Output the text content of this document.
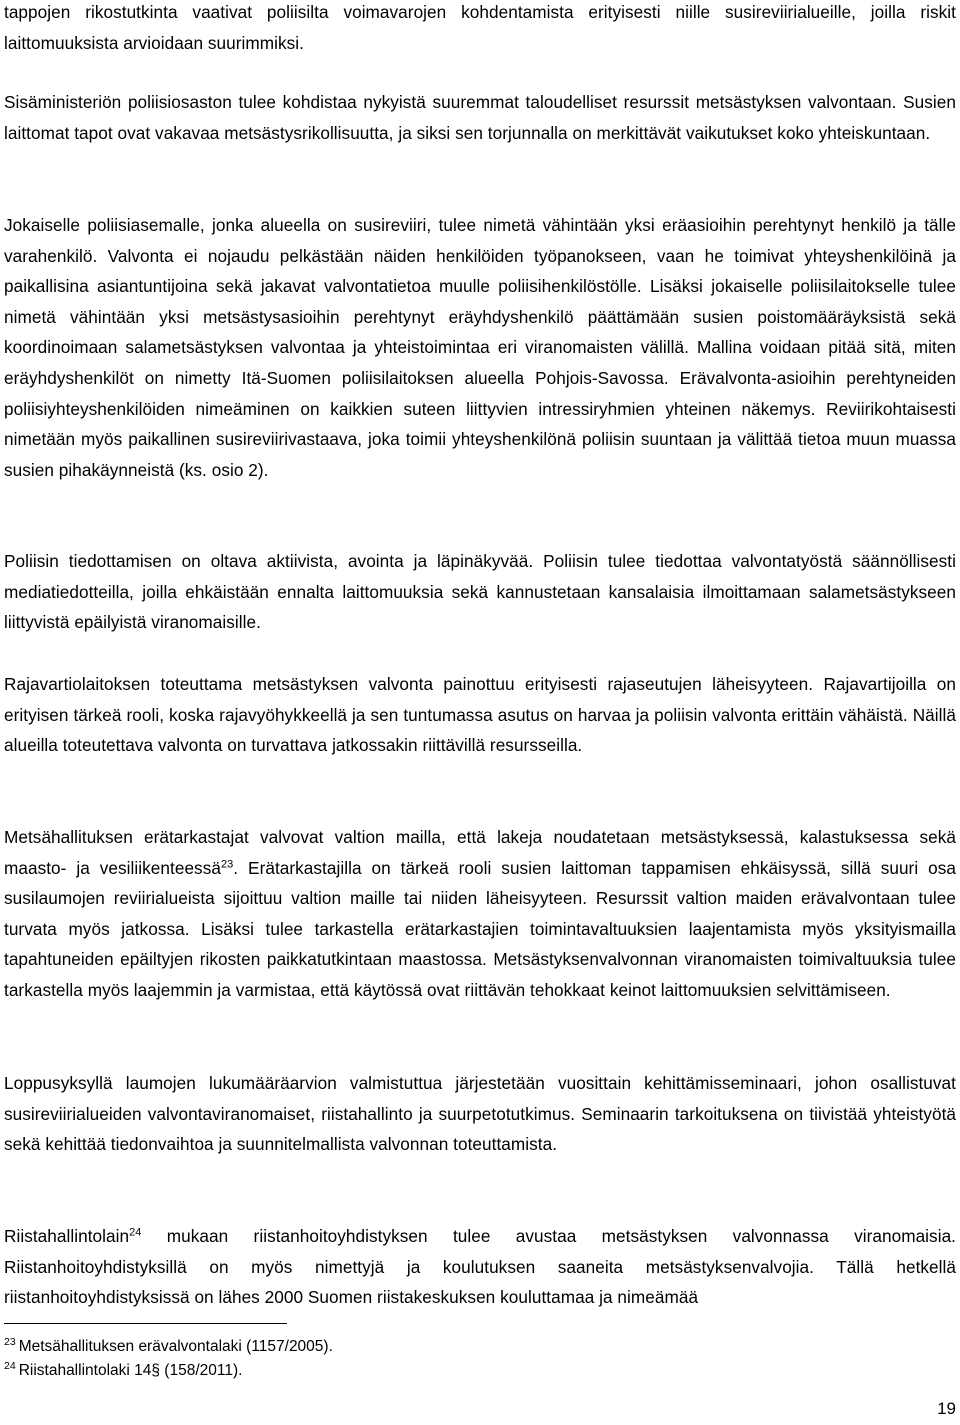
tappojen rikostutkinta vaativat poliisilta voimavarojen kohdentamista erityisesti niille susireviirialueille, joilla riskit laittomuuksista arvioidaan suurimmiksi.

Sisäministeriön poliisiosaston tulee kohdistaa nykyistä suuremmat taloudelliset resurssit metsästyksen valvontaan. Susien laittomat tapot ovat vakavaa metsästysrikollisuutta, ja siksi sen torjunnalla on merkittävät vaikutukset koko yhteiskuntaan.

Jokaiselle poliisiasemalle, jonka alueella on susireviiri, tulee nimetä vähintään yksi eräasioihin perehtynyt henkilö ja tälle varahenkilö. Valvonta ei nojaudu pelkästään näiden henkilöiden työpanokseen, vaan he toimivat yhteyshenkilöinä ja paikallisina asiantuntijoina sekä jakavat valvontatietoa muulle poliisihenkilöstölle. Lisäksi jokaiselle poliisilaitokselle tulee nimetä vähintään yksi metsästysasioihin perehtynyt eräyhdyshenkilö päättämään susien poistomääräyksistä sekä koordinoimaan salametsästyksen valvontaa ja yhteistoimintaa eri viranomaisten välillä. Mallina voidaan pitää sitä, miten eräyhdyshenkilöt on nimetty Itä-Suomen poliisilaitoksen alueella Pohjois-Savossa. Erävalvonta-asioihin perehtyneiden poliisiyhteyshenkilöiden nimeäminen on kaikkien suteen liittyvien intressiryhmien yhteinen näkemys. Reviirikohtaisesti nimetään myös paikallinen susireviirivastaava, joka toimii yhteyshenkilönä poliisin suuntaan ja välittää tietoa muun muassa susien pihakäynneistä (ks. osio 2).

Poliisin tiedottamisen on oltava aktiivista, avointa ja läpinäkyvää. Poliisin tulee tiedottaa valvontatyöstä säännöllisesti mediatiedotteilla, joilla ehkäistään ennalta laittomuuksia sekä kannustetaan kansalaisia ilmoittamaan salametsästykseen liittyvistä epäilyistä viranomaisille.

Rajavartiolaitoksen toteuttama metsästyksen valvonta painottuu erityisesti rajaseutujen läheisyyteen. Rajavartijoilla on erityisen tärkeä rooli, koska rajavyöhykkeellä ja sen tuntumassa asutus on harvaa ja poliisin valvonta erittäin vähäistä. Näillä alueilla toteutettava valvonta on turvattava jatkossakin riittävillä resursseilla.

Metsähallituksen erätarkastajat valvovat valtion mailla, että lakeja noudatetaan metsästyksessä, kalastuksessa sekä maasto- ja vesiliikenteessä$^{23}$. Erätarkastajilla on tärkeä rooli susien laittoman tappamisen ehkäisyssä, sillä suuri osa susilaumojen reviirialueista sijoittuu valtion maille tai niiden läheisyyteen. Resurssit valtion maiden erävalvontaan tulee turvata myös jatkossa. Lisäksi tulee tarkastella erätarkastajien toimintavaltuuksien laajentamista myös yksityismailla tapahtuneiden epäiltyjen rikosten paikkatutkintaan maastossa. Metsästyksenvalvonnan viranomaisten toimivaltuuksia tulee tarkastella myös laajemmin ja varmistaa, että käytössä ovat riittävän tehokkaat keinot laittomuuksien selvittämiseen.

Loppusyksyllä laumojen lukumääräarvion valmistuttua järjestetään vuosittain kehittämisseminaari, johon osallistuvat susireviirialueiden valvontaviranomaiset, riistahallinto ja suurpetotutkimus. Seminaarin tarkoituksena on tiivistää yhteistyötä sekä kehittää tiedonvaihtoa ja suunnitelmallista valvonnan toteuttamista.

Riistahallintolain$^{24}$ mukaan riistanhoitoyhdistyksen tulee avustaa metsästyksen valvonnassa viranomaisia. Riistanhoitoyhdistyksillä on myös nimettyjä ja koulutuksen saaneita metsästyksenvalvojia. Tällä hetkellä riistanhoitoyhdistyksissä on lähes 2000 Suomen riistakeskuksen kouluttamaa ja nimeämää

$^{23}$ Metsähallituksen erävalvontalaki (1157/2005).
$^{24}$ Riistahallintolaki 14§ (158/2011).
19
